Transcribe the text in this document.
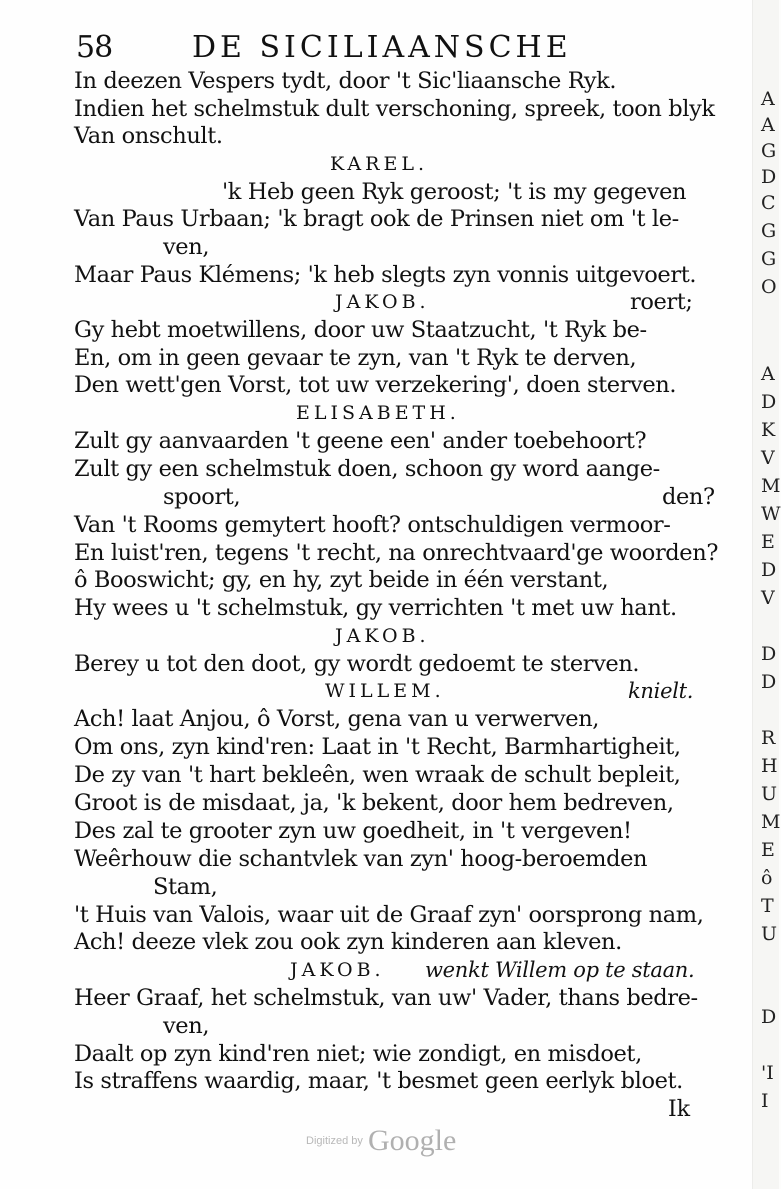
58	DE SICILIAANSCHE
In deezen Vespers tydt, door 't Sic'liaansche Ryk.
Indien het schelmstuk dult verschoning, spreek, toon blyk
Van onschult.
KAREL.
'k Heb geen Ryk geroost; 't is my gegeven
Van Paus Urbaan; 'k bragt ook de Prinsen niet om 't le-
ven,
Maar Paus Klémens; 'k heb slegts zyn vonnis uitgevoert.
JAKOB.	roert;
Gy hebt moetwillens, door uw Staatzucht, 't Ryk be-
En, om in geen gevaar te zyn, van 't Ryk te derven,
Den wett'gen Vorst, tot uw verzekering', doen sterven.
ELISABETH.
Zult gy aanvaarden 't geene een' ander toebehoort?
Zult gy een schelmstuk doen, schoon gy word aange-
spoort,	den?
Van 't Rooms gemytert hooft? ontschuldigen vermoor-
En luist'ren, tegens 't recht, na onrechtvaard'ge woorden?
ô Booswicht; gy, en hy, zyt beide in één verstant,
Hy wees u 't schelmstuk, gy verrichten 't met uw hant.
JAKOB.
Berey u tot den doot, gy wordt gedoemt te sterven.
WILLEM.	knielt.
Ach! laat Anjou, ô Vorst, gena van u verwerven,
Om ons, zyn kind'ren: Laat in 't Recht, Barmhartigheit,
De zy van 't hart bekleên, wen wraak de schult bepleit,
Groot is de misdaat, ja, 'k bekent, door hem bedreven,
Des zal te grooter zyn uw goedheit, in 't vergeven!
Weêrhouw die schantvlek van zyn' hoog-beroemden
Stam,
't Huis van Valois, waar uit de Graaf zyn' oorsprong nam,
Ach! deeze vlek zou ook zyn kinderen aan kleven.
JAKOB. wenkt Willem op te staan.
Heer Graaf, het schelmstuk, van uw' Vader, thans bedre-
ven,
Daalt op zyn kind'ren niet; wie zondigt, en misdoet,
Is straffens waardig, maar, 't besmet geen eerlyk bloet.
Ik
A
A
G
D
C
G
G
O
A
D
K
V
M
W
E
D
V
D
D
R
H
U
M
E
ô
T
U
D
'I
I
Digitized by Google
